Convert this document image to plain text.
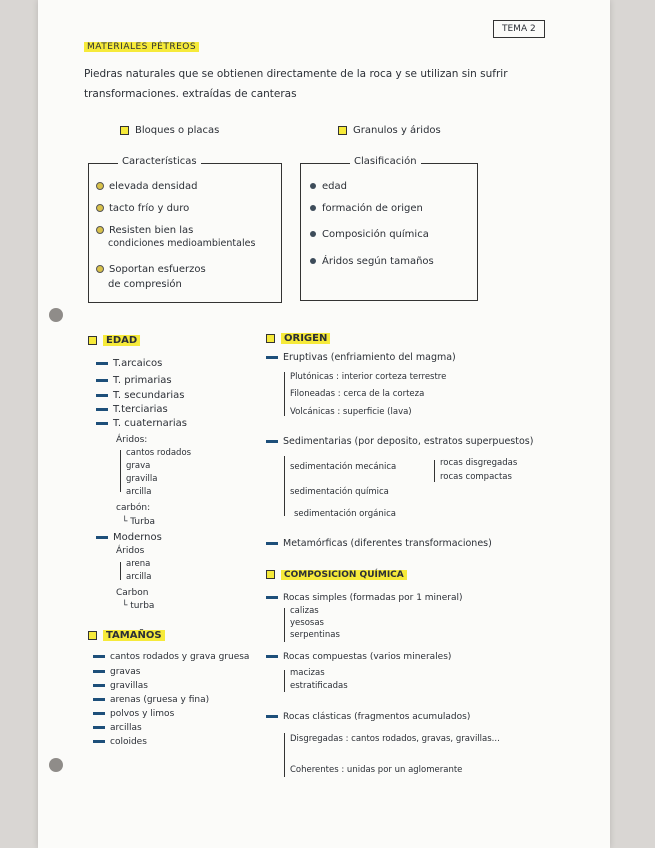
TEMA 2
MATERIALES PÉTREOS
Piedras naturales que se obtienen directamente de la roca y se utilizan sin sufrir
transformaciones. extraídas de canteras
Bloques o placas	Granulos y áridos
Características
elevada densidad
tacto frío y duro
Resisten bien las
condiciones medioambientales
Soportan esfuerzos
de compresión
Clasificación
edad
formación de origen
Composición química
Áridos según tamaños
EDAD
T.arcaicos
T. primarias
T. secundarias
T.terciarias
T. cuaternarias
Áridos:
cantos rodados
grava
gravilla
arcilla
carbón:
└ Turba
Modernos
Áridos
arena
arcilla
Carbon
└ turba
TAMAÑOS
cantos rodados y grava gruesa
gravas
gravillas
arenas (gruesa y fina)
polvos y limos
arcillas
coloides
ORIGEN
Eruptivas (enfriamiento del magma)
Plutónicas : interior corteza terrestre
Filoneadas : cerca de la corteza
Volcánicas : superficie (lava)
Sedimentarias (por deposito, estratos superpuestos)
sedimentación mecánica	rocas disgregadas
rocas compactas
sedimentación química
sedimentación orgánica
Metamórficas (diferentes transformaciones)
COMPOSICION QUÍMICA
Rocas simples (formadas por 1 mineral)
calizas
yesosas
serpentinas
Rocas compuestas (varios minerales)
macizas
estratificadas
Rocas clásticas (fragmentos acumulados)
Disgregadas : cantos rodados, gravas, gravillas...
Coherentes : unidas por un aglomerante
